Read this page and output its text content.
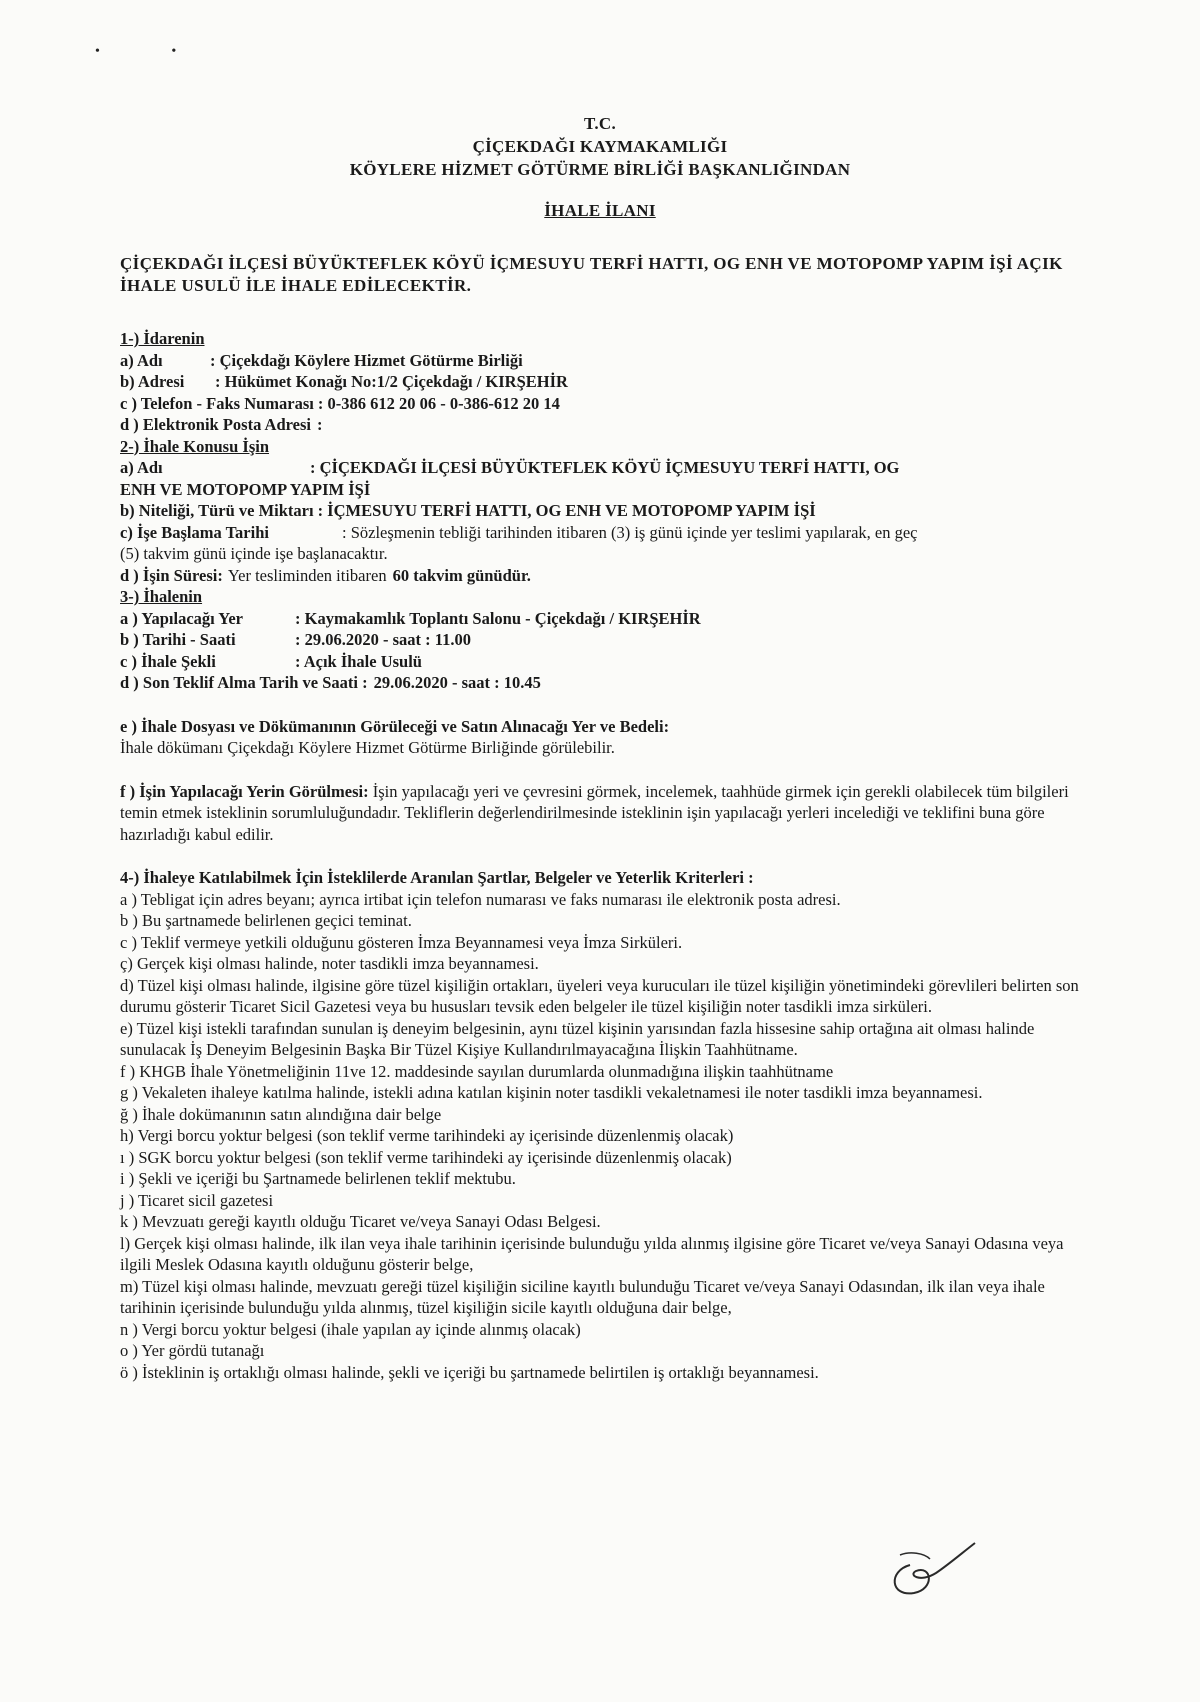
• •
T.C.
ÇİÇEKDAĞI KAYMAKAMLIĞI
KÖYLERE HİZMET GÖTÜRME BİRLİĞİ BAŞKANLIĞINDAN
İHALE İLANI
ÇİÇEKDAĞI İLÇESİ BÜYÜKTEFLEK KÖYÜ İÇMESUYU TERFİ HATTI, OG ENH VE MOTOPOMP YAPIM İŞİ AÇIK İHALE USULÜ İLE İHALE EDİLECEKTİR.
1-) İdarenin
a) Adı	: Çiçekdağı Köylere Hizmet Götürme Birliği
b) Adresi	: Hükümet Konağı No:1/2 Çiçekdağı / KIRŞEHİR
c ) Telefon - Faks Numarası : 0-386 612 20 06 - 0-386-612 20 14
d ) Elektronik Posta Adresi :
2-) İhale Konusu İşin
a) Adı	: ÇİÇEKDAĞI İLÇESİ BÜYÜKTEFLEK KÖYÜ İÇMESUYU TERFİ HATTI, OG
ENH VE MOTOPOMP YAPIM İŞİ
b) Niteliği, Türü ve Miktarı : İÇMESUYU TERFİ HATTI, OG ENH VE MOTOPOMP YAPIM İŞİ
c) İşe Başlama Tarihi	: Sözleşmenin tebliği tarihinden itibaren (3) iş günü içinde yer teslimi yapılarak, en geç
(5) takvim günü içinde işe başlanacaktır.
d ) İşin Süresi: Yer tesliminden itibaren 60 takvim günüdür.
3-) İhalenin
a ) Yapılacağı Yer	: Kaymakamlık Toplantı Salonu - Çiçekdağı / KIRŞEHİR
b ) Tarihi - Saati	: 29.06.2020 - saat : 11.00
c ) İhale Şekli	: Açık İhale Usulü
d ) Son Teklif Alma Tarih ve Saati : 29.06.2020 - saat : 10.45
e ) İhale Dosyası ve Dökümanının Görüleceği ve Satın Alınacağı Yer ve Bedeli:
İhale dökümanı Çiçekdağı Köylere Hizmet Götürme Birliğinde görülebilir.

f ) İşin Yapılacağı Yerin Görülmesi: İşin yapılacağı yeri ve çevresini görmek, incelemek, taahhüde girmek için gerekli olabilecek tüm bilgileri temin etmek isteklinin sorumluluğundadır. Tekliflerin değerlendirilmesinde isteklinin işin yapılacağı yerleri incelediği ve teklifini buna göre hazırladığı kabul edilir.

4-) İhaleye Katılabilmek İçin İsteklilerde Aranılan Şartlar, Belgeler ve Yeterlik Kriterleri :
a ) Tebligat için adres beyanı; ayrıca irtibat için telefon numarası ve faks numarası ile elektronik posta adresi.
b ) Bu şartnamede belirlenen geçici teminat.
c ) Teklif vermeye yetkili olduğunu gösteren İmza Beyannamesi veya İmza Sirküleri.
ç) Gerçek kişi olması halinde, noter tasdikli imza beyannamesi.
d) Tüzel kişi olması halinde, ilgisine göre tüzel kişiliğin ortakları, üyeleri veya kurucuları ile tüzel kişiliğin yönetimindeki görevlileri belirten son durumu gösterir Ticaret Sicil Gazetesi veya bu hususları tevsik eden belgeler ile tüzel kişiliğin noter tasdikli imza sirküleri.
e) Tüzel kişi istekli tarafından sunulan iş deneyim belgesinin, aynı tüzel kişinin yarısından fazla hissesine sahip ortağına ait olması halinde sunulacak İş Deneyim Belgesinin Başka Bir Tüzel Kişiye Kullandırılmayacağına İlişkin Taahhütname.
f ) KHGB İhale Yönetmeliğinin 11ve 12. maddesinde sayılan durumlarda olunmadığına ilişkin taahhütname
g ) Vekaleten ihaleye katılma halinde, istekli adına katılan kişinin noter tasdikli vekaletnamesi ile noter tasdikli imza beyannamesi.
ğ ) İhale dokümanının satın alındığına dair belge
h) Vergi borcu yoktur belgesi (son teklif verme tarihindeki ay içerisinde düzenlenmiş olacak)
ı ) SGK borcu yoktur belgesi (son teklif verme tarihindeki ay içerisinde düzenlenmiş olacak)
i ) Şekli ve içeriği bu Şartnamede belirlenen teklif mektubu.
j ) Ticaret sicil gazetesi
k ) Mevzuatı gereği kayıtlı olduğu Ticaret ve/veya Sanayi Odası Belgesi.
l) Gerçek kişi olması halinde, ilk ilan veya ihale tarihinin içerisinde bulunduğu yılda alınmış ilgisine göre Ticaret ve/veya Sanayi Odasına veya ilgili Meslek Odasına kayıtlı olduğunu gösterir belge,
m) Tüzel kişi olması halinde, mevzuatı gereği tüzel kişiliğin siciline kayıtlı bulunduğu Ticaret ve/veya Sanayi Odasından, ilk ilan veya ihale tarihinin içerisinde bulunduğu yılda alınmış, tüzel kişiliğin sicile kayıtlı olduğuna dair belge,
n ) Vergi borcu yoktur belgesi (ihale yapılan ay içinde alınmış olacak)
o ) Yer gördü tutanağı
ö ) İsteklinin iş ortaklığı olması halinde, şekli ve içeriği bu şartnamede belirtilen iş ortaklığı beyannamesi.
